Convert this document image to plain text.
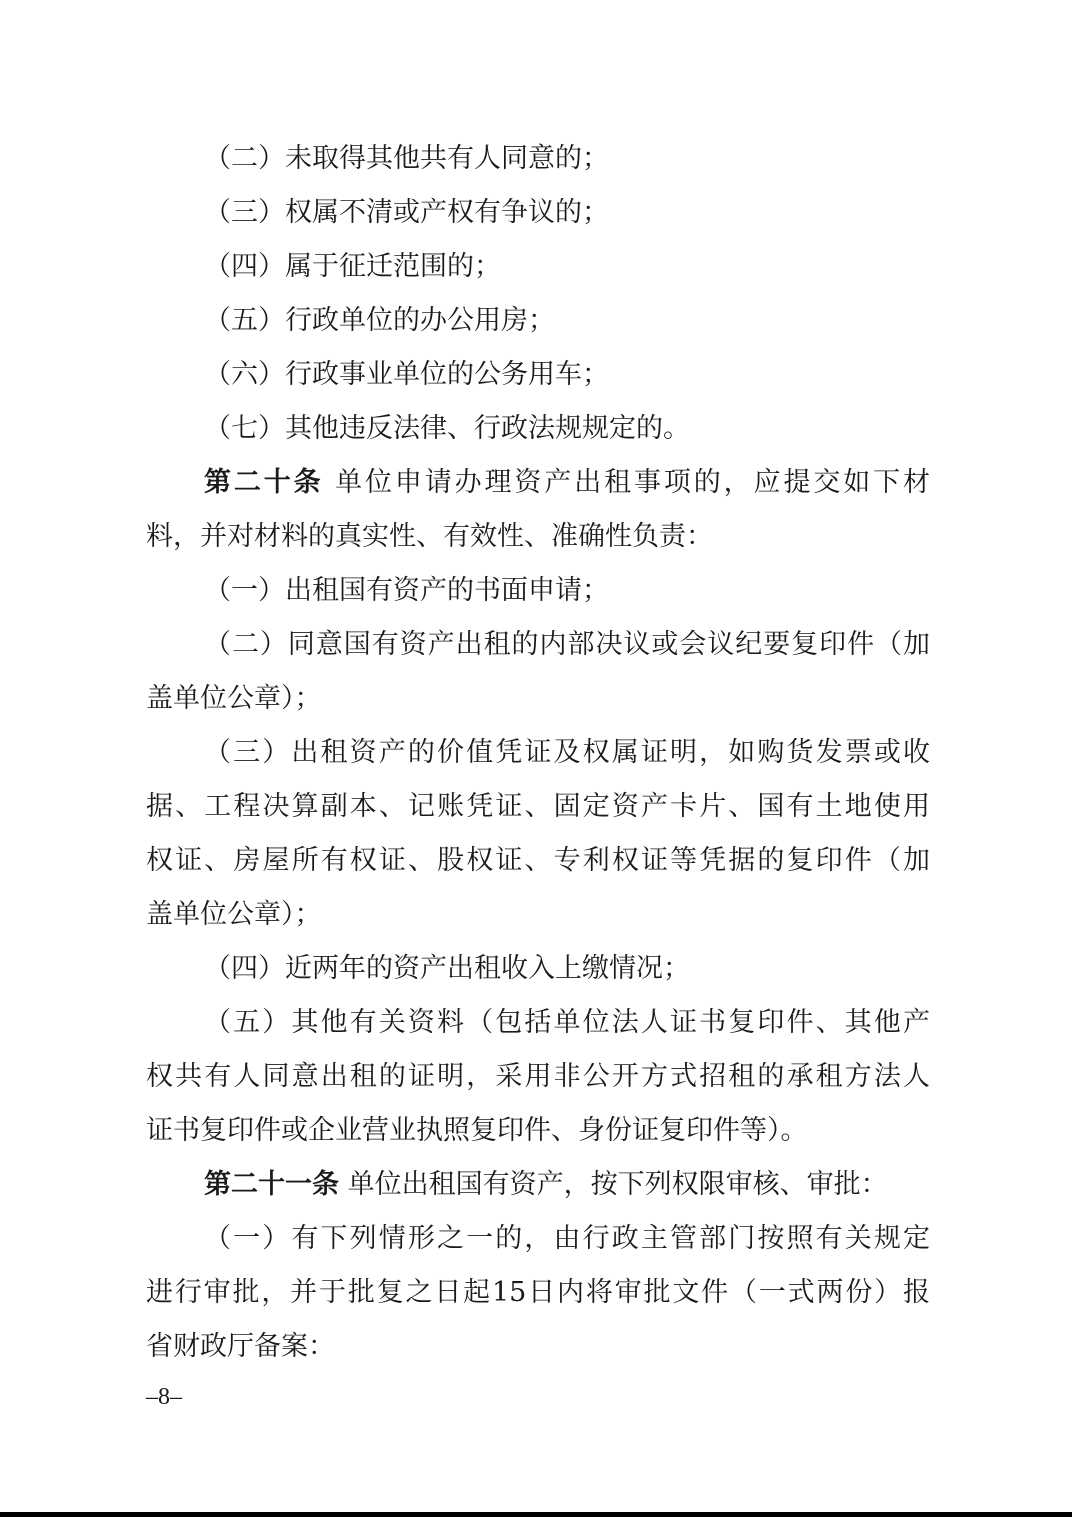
（二）未取得其他共有人同意的；
（三）权属不清或产权有争议的；
（四）属于征迁范围的；
（五）行政单位的办公用房；
（六）行政事业单位的公务用车；
（七）其他违反法律、行政法规规定的。
第二十条 单位申请办理资产出租事项的，应提交如下材
料，并对材料的真实性、有效性、准确性负责：
（一）出租国有资产的书面申请；
（二）同意国有资产出租的内部决议或会议纪要复印件（加
盖单位公章）；
（三）出租资产的价值凭证及权属证明，如购货发票或收
据、工程决算副本、记账凭证、固定资产卡片、国有土地使用
权证、房屋所有权证、股权证、专利权证等凭据的复印件（加
盖单位公章）；
（四）近两年的资产出租收入上缴情况；
（五）其他有关资料（包括单位法人证书复印件、其他产
权共有人同意出租的证明，采用非公开方式招租的承租方法人
证书复印件或企业营业执照复印件、身份证复印件等）。
第二十一条 单位出租国有资产，按下列权限审核、审批：
（一）有下列情形之一的，由行政主管部门按照有关规定
进行审批，并于批复之日起15日内将审批文件（一式两份）报
省财政厅备案：
–8–
